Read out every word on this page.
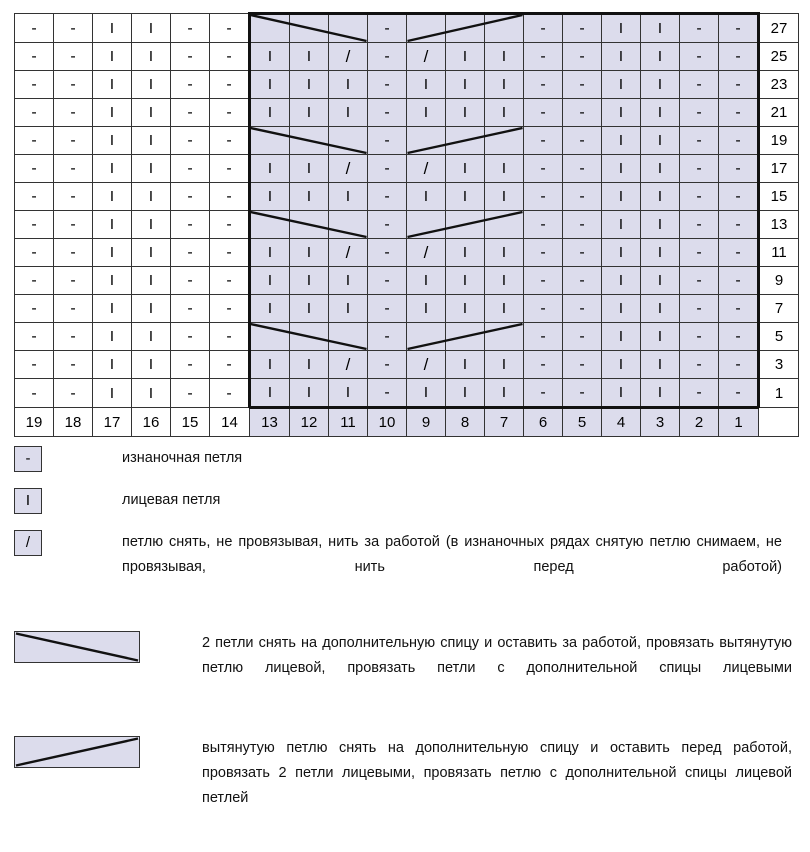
-	-	I	I	-	-				-				-	-	I	I	-	-	27

-	-	I	I	-	-	I	I	/	-	/	I	I	-	-	I	I	-	-	25

-	-	I	I	-	-	I	I	I	-	I	I	I	-	-	I	I	-	-	23

-	-	I	I	-	-	I	I	I	-	I	I	I	-	-	I	I	-	-	21

-	-	I	I	-	-				-				-	-	I	I	-	-	19

-	-	I	I	-	-	I	I	/	-	/	I	I	-	-	I	I	-	-	17

-	-	I	I	-	-	I	I	I	-	I	I	I	-	-	I	I	-	-	15

-	-	I	I	-	-				-				-	-	I	I	-	-	13

-	-	I	I	-	-	I	I	/	-	/	I	I	-	-	I	I	-	-	11

-	-	I	I	-	-	I	I	I	-	I	I	I	-	-	I	I	-	-	9

-	-	I	I	-	-	I	I	I	-	I	I	I	-	-	I	I	-	-	7

-	-	I	I	-	-				-				-	-	I	I	-	-	5

-	-	I	I	-	-	I	I	/	-	/	I	I	-	-	I	I	-	-	3

-	-	I	I	-	-	I	I	I	-	I	I	I	-	-	I	I	-	-	1
19	18	17	16	15	14	13	12	11	10	9	8	7	6	5	4	3	2	1	
-	изнаночная петля
I	лицевая петля
/	петлю снять, не провязывая, нить за работой (в изнаночных рядах снятую петлю снимаем, не провязывая, нить перед работой)
2 петли снять на дополнительную спицу и оставить за работой, провязать вытянутую петлю лицевой, провязать петли с дополнительной спицы лицевыми
вытянутую петлю снять на дополнительную спицу и оставить перед работой, провязать 2 петли лицевыми, провязать петлю с дополнительной спицы лицевой петлей
